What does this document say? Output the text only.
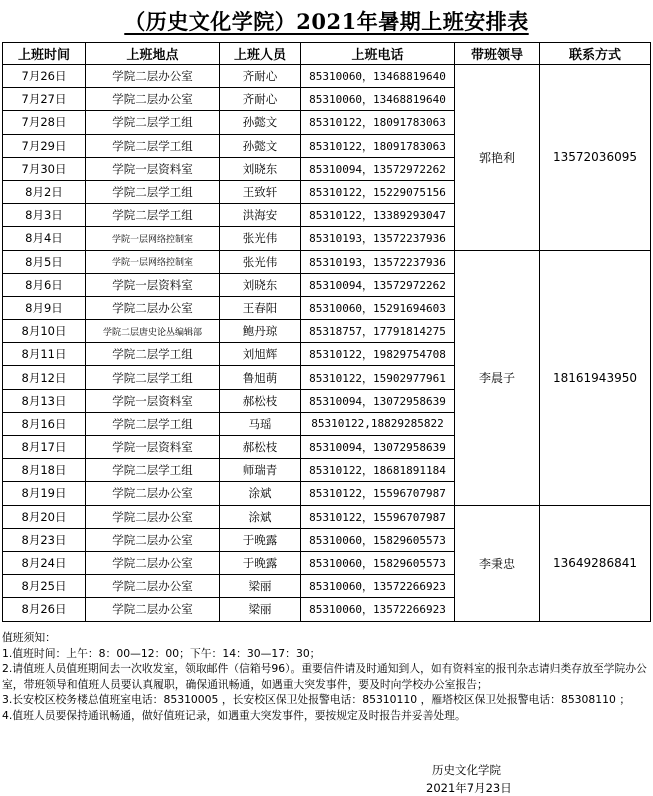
（历史文化学院）2021年暑期上班安排表
上班时间	上班地点	上班人员	上班电话	带班领导	联系方式
7月26日	学院二层办公室	齐耐心	85310060，13468819640	郭艳利	13572036095
7月27日	学院二层办公室	齐耐心	85310060，13468819640		
7月28日	学院二层学工组	孙懿文	85310122，18091783063		
7月29日	学院二层学工组	孙懿文	85310122，18091783063		
7月30日	学院一层资料室	刘晓东	85310094，13572972262		
8月2日	学院二层学工组	王致轩	85310122，15229075156		
8月3日	学院二层学工组	洪海安	85310122，13389293047		
8月4日	学院一层网络控制室	张光伟	85310193，13572237936		
8月5日	学院一层网络控制室	张光伟	85310193，13572237936	李晨子	18161943950
8月6日	学院一层资料室	刘晓东	85310094，13572972262		
8月9日	学院二层办公室	王春阳	85310060，15291694603		
8月10日	学院二层唐史论丛编辑部	鲍丹琼	85318757，17791814275		
8月11日	学院二层学工组	刘旭辉	85310122，19829754708		
8月12日	学院二层学工组	鲁旭萌	85310122，15902977961		
8月13日	学院一层资料室	郝松枝	85310094，13072958639		
8月16日	学院二层学工组	马瑶	85310122,18829285822		
8月17日	学院一层资料室	郝松枝	85310094，13072958639		
8月18日	学院二层学工组	师瑞青	85310122，18681891184		
8月19日	学院二层办公室	涂斌	85310122，15596707987		
8月20日	学院二层办公室	涂斌	85310122，15596707987	李秉忠	13649286841
8月23日	学院二层办公室	于晚露	85310060，15829605573		
8月24日	学院二层办公室	于晚露	85310060，15829605573		
8月25日	学院二层办公室	梁丽	85310060，13572266923		
8月26日	学院二层办公室	梁丽	85310060，13572266923		

值班须知：

1.值班时间：上午：8：00—12：00；下午：14：30—17：30；

2.请值班人员值班期间去一次收发室，领取邮件（信箱号96）。重要信件请及时通知到人，如有资料室的报刊杂志请归类存放至学院办公室，带班领导和值班人员要认真履职，确保通讯畅通，如遇重大突发事件，要及时向学校办公室报告；

3.长安校区校务楼总值班室电话：85310005 ，长安校区保卫处报警电话：85310110 ，雁塔校区保卫处报警电话：85308110 ；

4.值班人员要保持通讯畅通，做好值班记录，如遇重大突发事件，要按规定及时报告并妥善处理。

历史文化学院
2021年7月23日
